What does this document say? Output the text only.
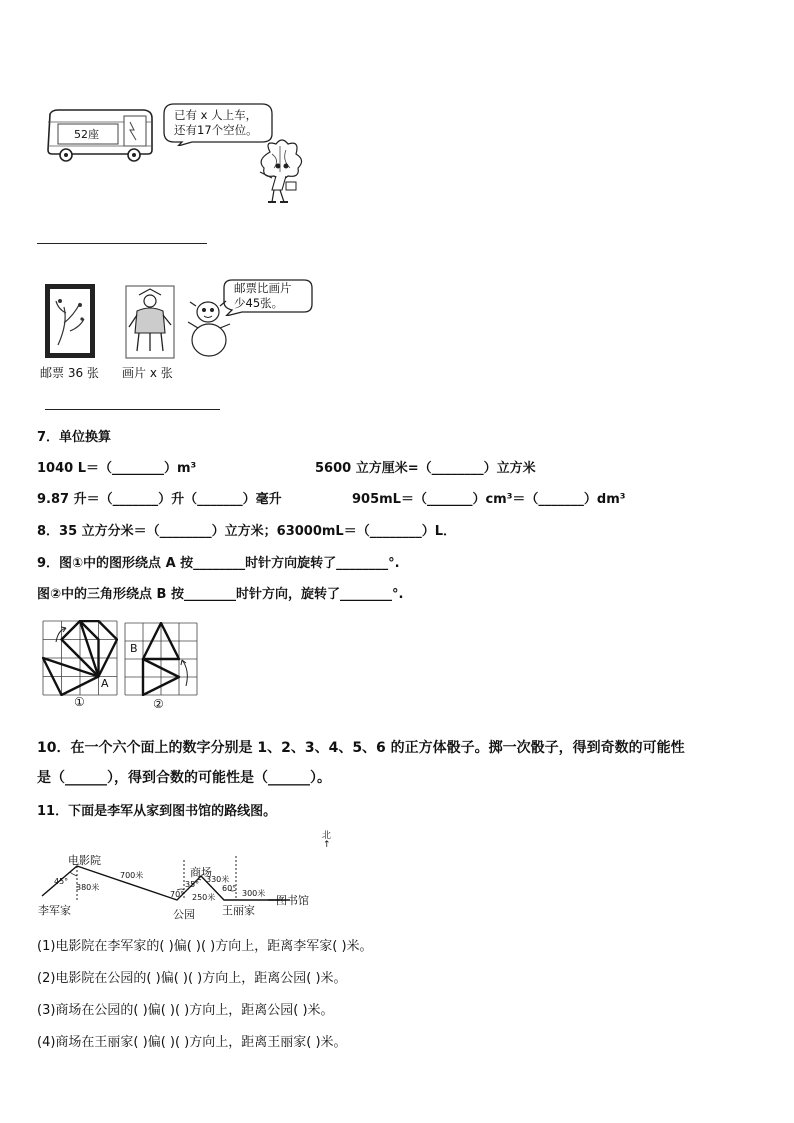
52座
已有 x 人上车，
还有17个空位。
邮票 36 张 画片 x 张
邮票比画片
少45张。
7．单位换算
1040 L＝（________）m³	5600 立方厘米=（________）立方米
9.87 升＝（_______）升（_______）毫升	905mL＝（_______）cm³＝（_______）dm³
8．35 立方分米＝（________）立方米；63000mL＝（________）L．
9．图①中的图形绕点 A 按________时针方向旋转了________°.
图②中的三角形绕点 B 按________时针方向，旋转了________°.
A
①
B
②
10．在一个六个面上的数字分别是 1、2、3、4、5、6 的正方体骰子。掷一次骰子，得到奇数的可能性
是（______），得到合数的可能性是（______）。
11．下面是李军从家到图书馆的路线图。
↑
北
电影院
李军家
45°
380米
700米
70°
商场
35°
250米
公园
330米
60°
300米
王丽家
图书馆
(1)电影院在李军家的( )偏( )( )方向上，距离李军家( )米。
(2)电影院在公园的( )偏( )( )方向上，距离公园( )米。
(3)商场在公园的( )偏( )( )方向上，距离公园( )米。
(4)商场在王丽家( )偏( )( )方向上，距离王丽家( )米。
